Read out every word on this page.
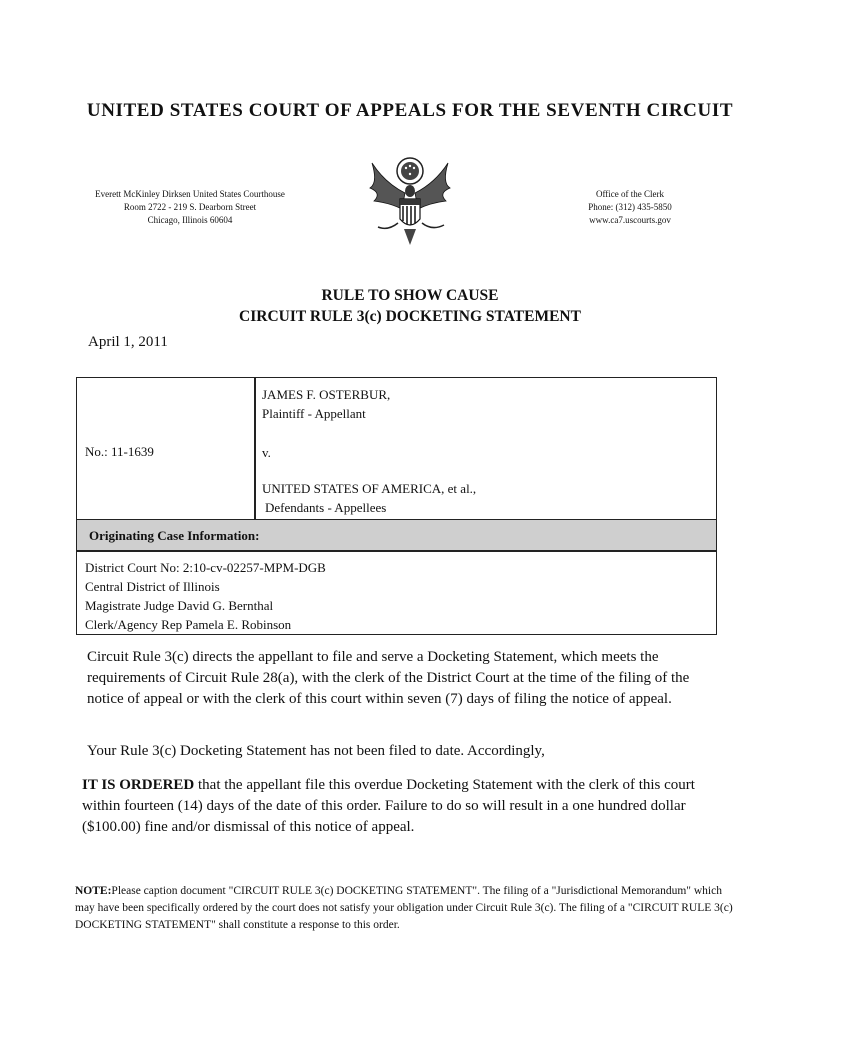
UNITED STATES COURT OF APPEALS FOR THE SEVENTH CIRCUIT
Everett McKinley Dirksen United States Courthouse
Room 2722 - 219 S. Dearborn Street
Chicago, Illinois 60604
Office of the Clerk
Phone: (312) 435-5850
www.ca7.uscourts.gov
RULE TO SHOW CAUSE
CIRCUIT RULE 3(c) DOCKETING STATEMENT
April 1, 2011
No.: 11-1639
JAMES F. OSTERBUR,
Plaintiff - Appellant
v.
UNITED STATES OF AMERICA, et al.,
Defendants - Appellees
Originating Case Information:
District Court No: 2:10-cv-02257-MPM-DGB
Central District of Illinois
Magistrate Judge David G. Bernthal
Clerk/Agency Rep Pamela E. Robinson
Circuit Rule 3(c) directs the appellant to file and serve a Docketing Statement, which meets the requirements of Circuit Rule 28(a), with the clerk of the District Court at the time of the filing of the notice of appeal or with the clerk of this court within seven (7) days of filing the notice of appeal.
Your Rule 3(c) Docketing Statement has not been filed to date. Accordingly,
IT IS ORDERED that the appellant file this overdue Docketing Statement with the clerk of this court within fourteen (14) days of the date of this order. Failure to do so will result in a one hundred dollar ($100.00) fine and/or dismissal of this notice of appeal.
NOTE:Please caption document "CIRCUIT RULE 3(c) DOCKETING STATEMENT". The filing of a "Jurisdictional Memorandum" which may have been specifically ordered by the court does not satisfy your obligation under Circuit Rule 3(c). The filing of a "CIRCUIT RULE 3(c) DOCKETING STATEMENT" shall constitute a response to this order.
